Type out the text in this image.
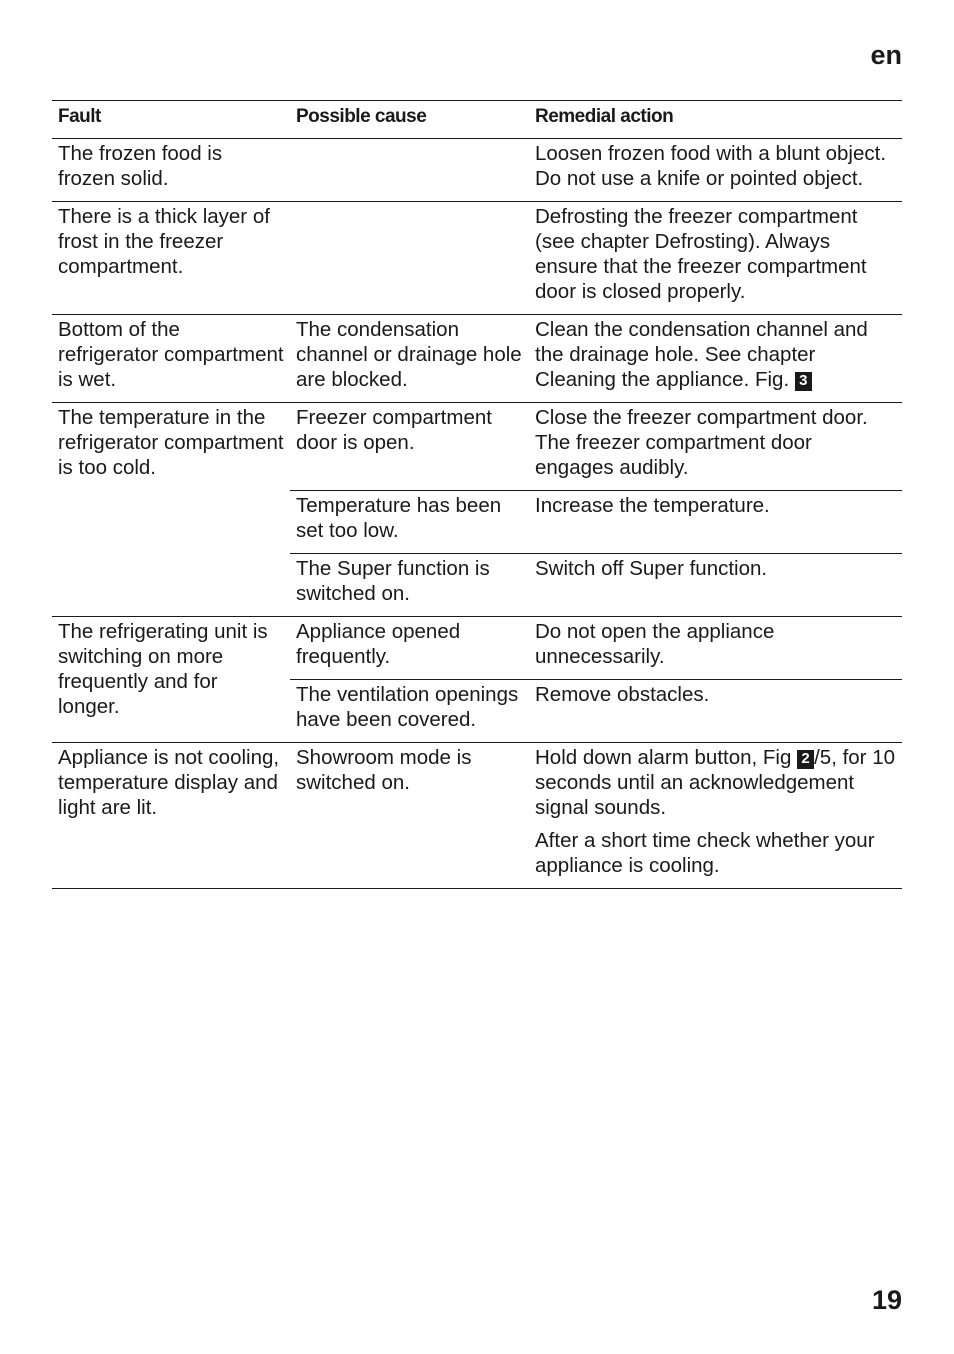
en
Fault	Possible cause	Remedial action
The frozen food is frozen solid.		Loosen frozen food with a blunt object. Do not use a knife or pointed object.
There is a thick layer of frost in the freezer compartment.		Defrosting the freezer compartment (see chapter Defrosting). Always ensure that the freezer compartment door is closed properly.
Bottom of the refrigerator compartment is wet.	The condensation channel or drainage hole are blocked.	Clean the condensation channel and the drainage hole. See chapter Cleaning the appliance. Fig. 3
The temperature in the refrigerator compartment is too cold.	Freezer compartment door is open.	Close the freezer compartment door. The freezer compartment door engages audibly.
	Temperature has been set too low.	Increase the temperature.
	The Super function is switched on.	Switch off Super function.
The refrigerating unit is switching on more frequently and for longer.	Appliance opened frequently.	Do not open the appliance unnecessarily.
	The ventilation openings have been covered.	Remove obstacles.
Appliance is not cooling, temperature display and light are lit.	Showroom mode is switched on.	Hold down alarm button, Fig 2 /5, for 10 seconds until an acknowledgement signal sounds.
After a short time check whether your appliance is cooling.
19
